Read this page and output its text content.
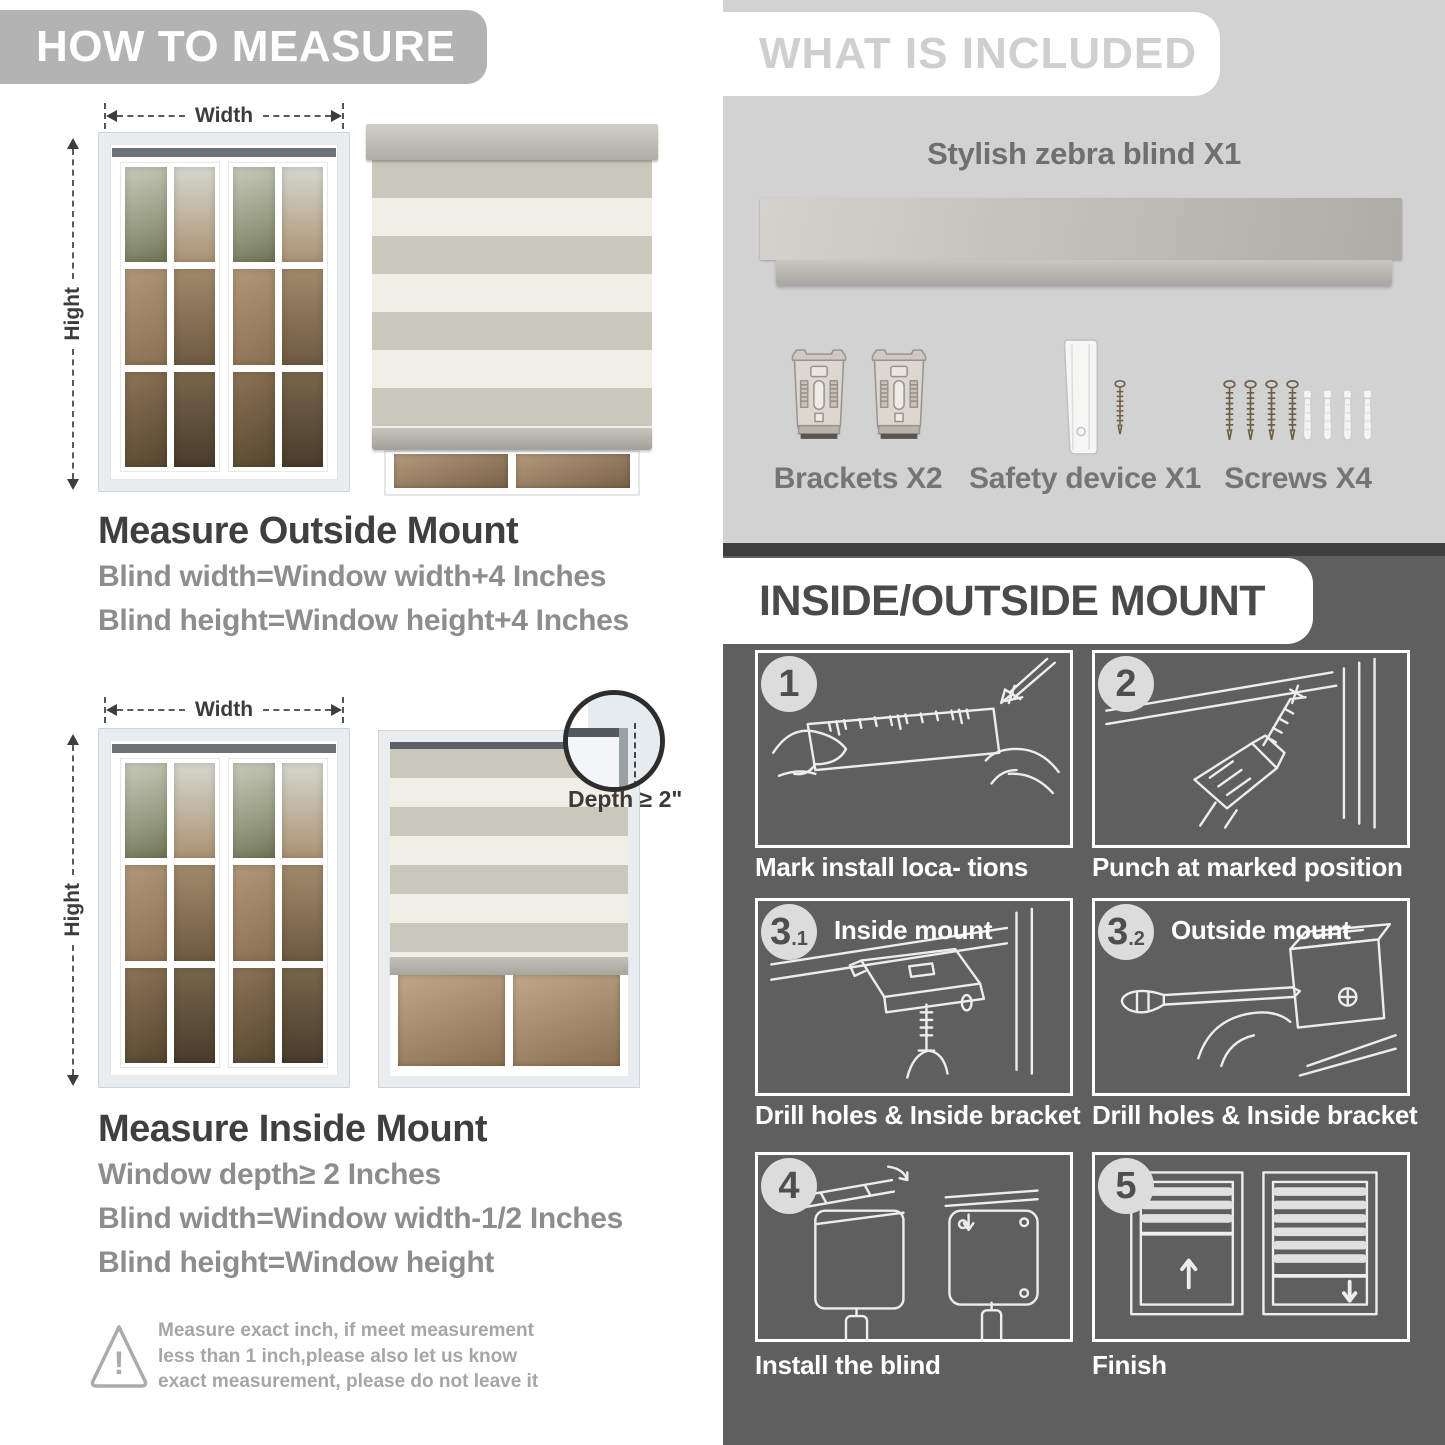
HOW TO MEASURE
Width
Hight
Measure Outside Mount
Blind width=Window width+4 Inches
Blind height=Window height+4 Inches
Width
Hight
Depth ≥ 2"
Measure Inside Mount
Window depth≥ 2 Inches
Blind width=Window width-1/2 Inches
Blind height=Window height
!
Measure exact inch, if meet measurement less than 1 inch,please also let us know exact measurement, please do not leave it
WHAT IS INCLUDED
Stylish zebra blind X1
Brackets X2 Safety device X1 Screws X4
INSIDE/OUTSIDE MOUNT
1
Mark install loca- tions
2
Punch at marked position
3 .1 Inside mount
Drill holes & Inside bracket
3 .2 Outside mount
Drill holes & Inside bracket
4
Install the blind
5
Finish
